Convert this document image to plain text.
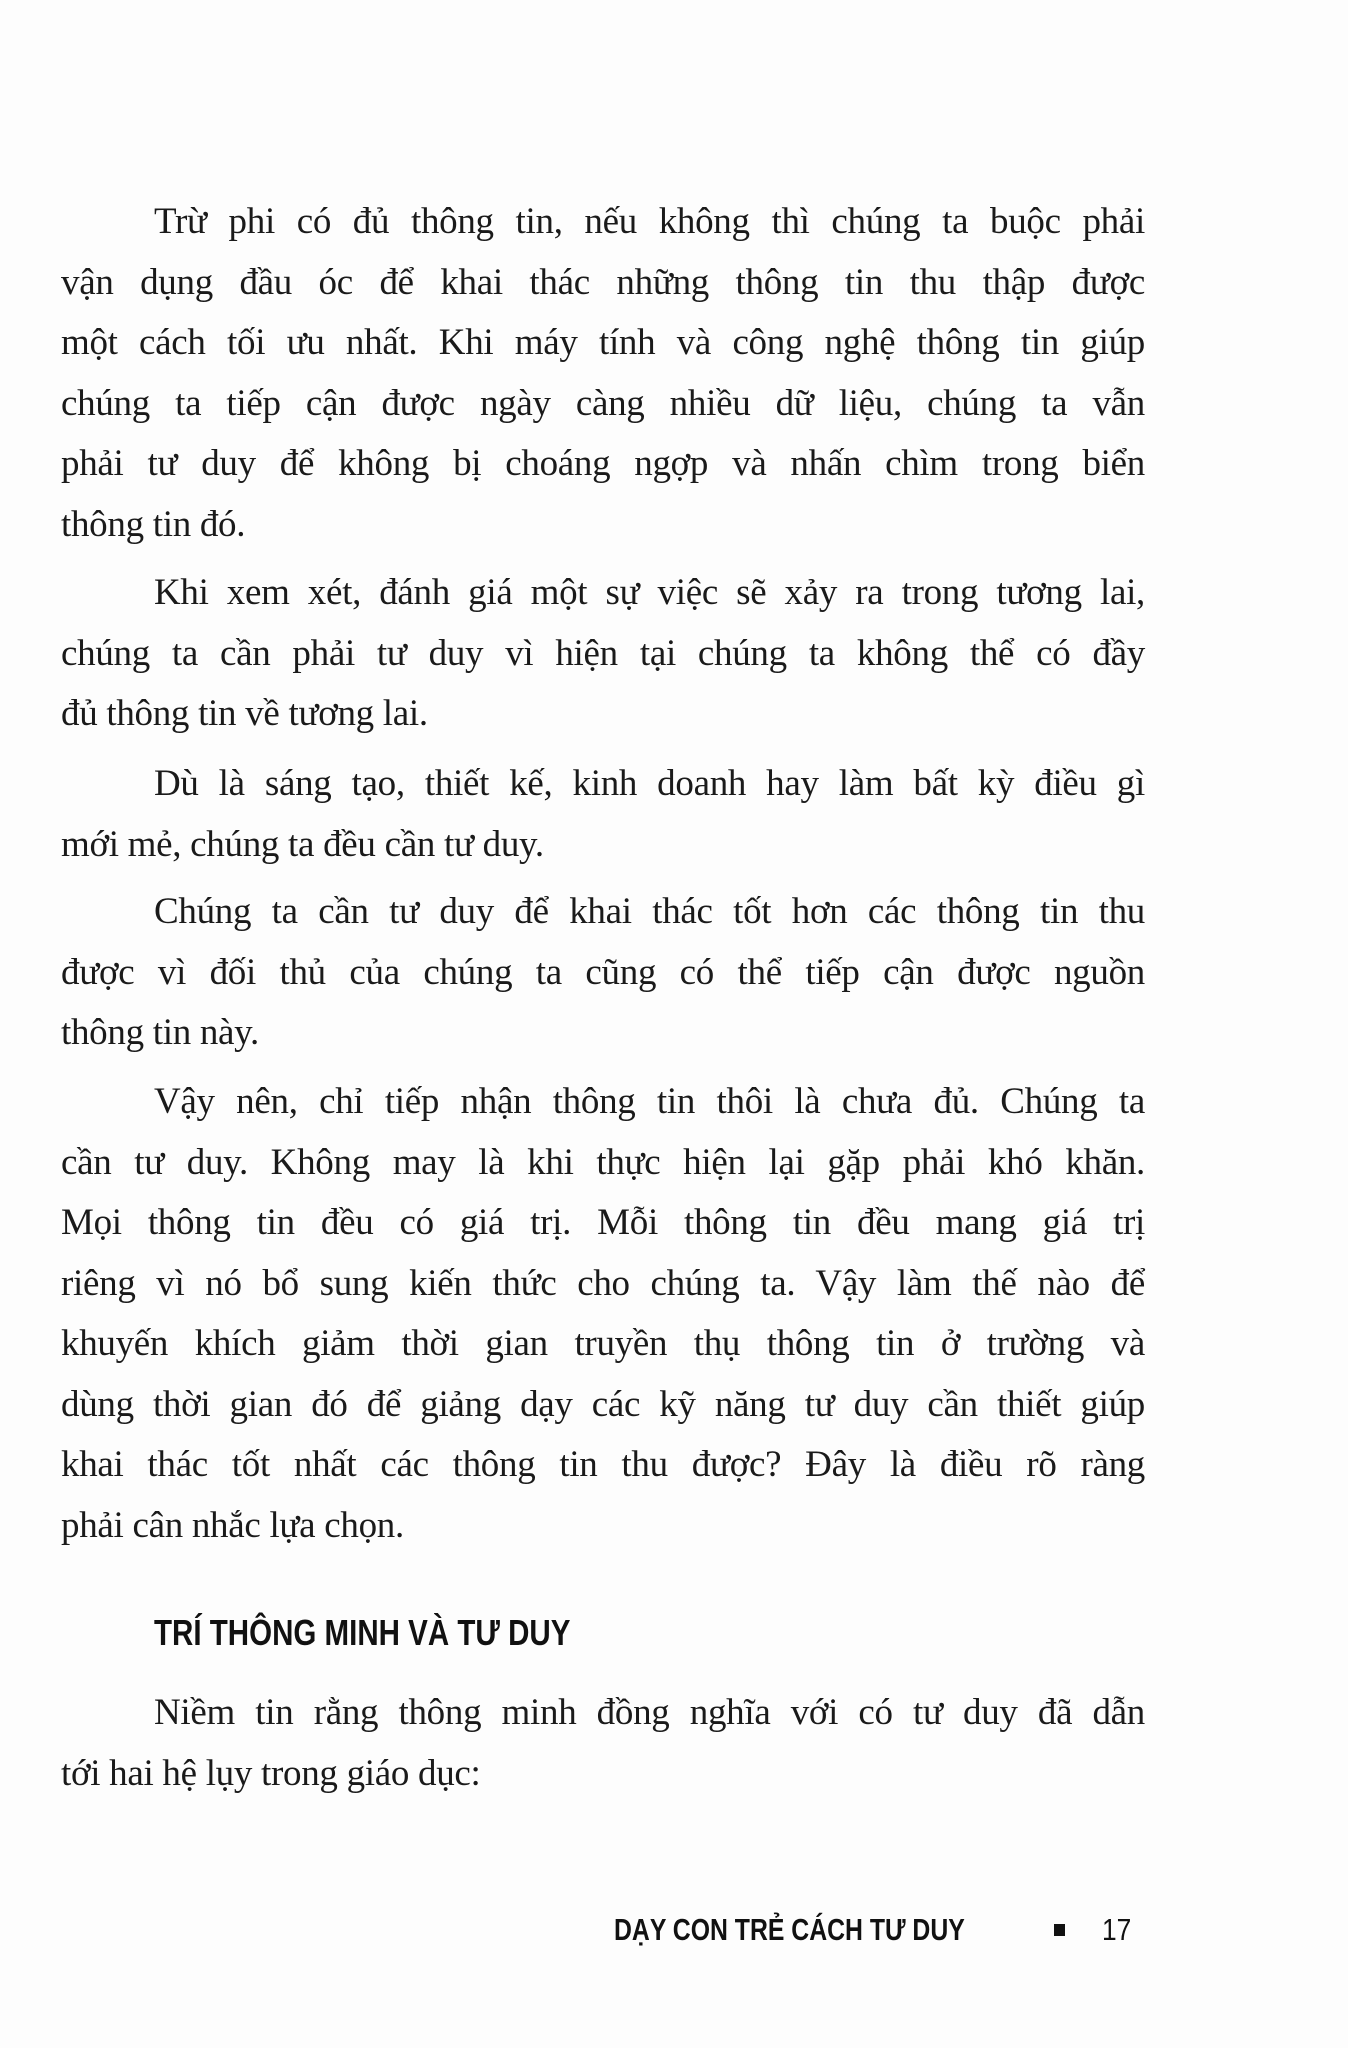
Trừ phi có đủ thông tin, nếu không thì chúng ta buộc phải
vận dụng đầu óc để khai thác những thông tin thu thập được
một cách tối ưu nhất. Khi máy tính và công nghệ thông tin giúp
chúng ta tiếp cận được ngày càng nhiều dữ liệu, chúng ta vẫn
phải tư duy để không bị choáng ngợp và nhấn chìm trong biển
thông tin đó.
Khi xem xét, đánh giá một sự việc sẽ xảy ra trong tương lai,
chúng ta cần phải tư duy vì hiện tại chúng ta không thể có đầy
đủ thông tin về tương lai.
Dù là sáng tạo, thiết kế, kinh doanh hay làm bất kỳ điều gì
mới mẻ, chúng ta đều cần tư duy.
Chúng ta cần tư duy để khai thác tốt hơn các thông tin thu
được vì đối thủ của chúng ta cũng có thể tiếp cận được nguồn
thông tin này.
Vậy nên, chỉ tiếp nhận thông tin thôi là chưa đủ. Chúng ta
cần tư duy. Không may là khi thực hiện lại gặp phải khó khăn.
Mọi thông tin đều có giá trị. Mỗi thông tin đều mang giá trị
riêng vì nó bổ sung kiến thức cho chúng ta. Vậy làm thế nào để
khuyến khích giảm thời gian truyền thụ thông tin ở trường và
dùng thời gian đó để giảng dạy các kỹ năng tư duy cần thiết giúp
khai thác tốt nhất các thông tin thu được? Đây là điều rõ ràng
phải cân nhắc lựa chọn.
TRÍ THÔNG MINH VÀ TƯ DUY
Niềm tin rằng thông minh đồng nghĩa với có tư duy đã dẫn
tới hai hệ lụy trong giáo dục:
DẠY CON TRẺ CÁCH TƯ DUY	17
